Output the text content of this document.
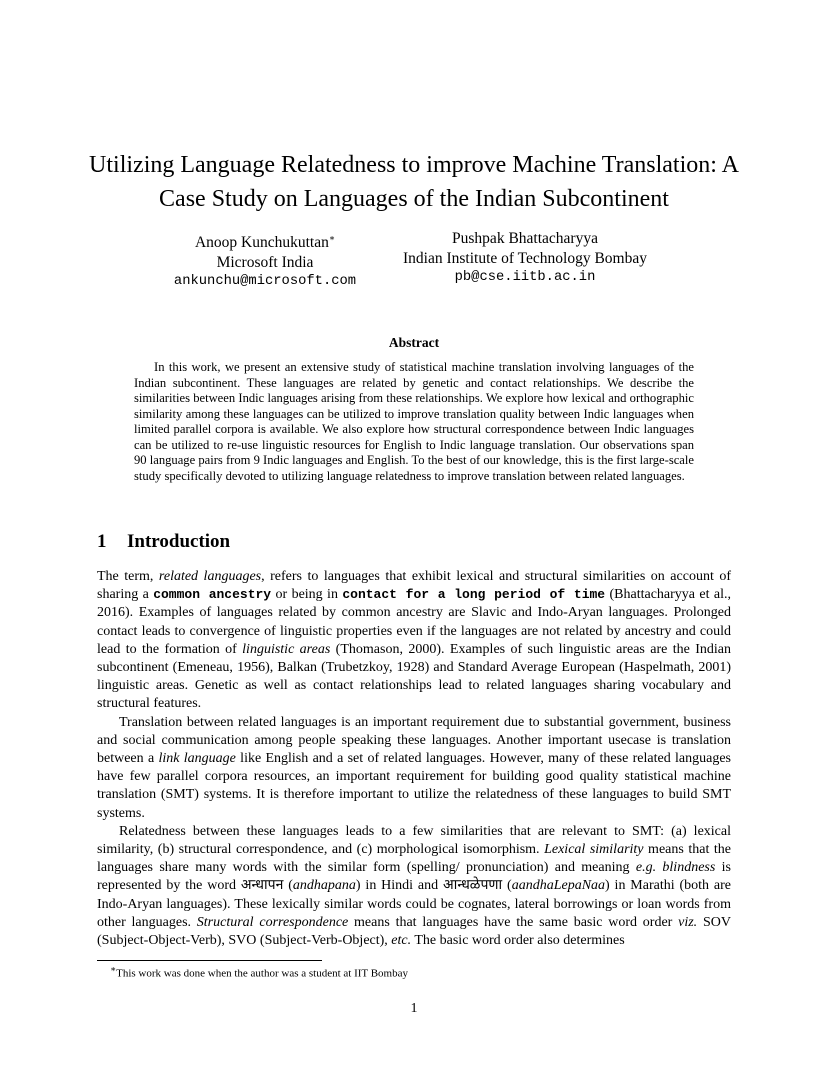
Utilizing Language Relatedness to improve Machine Translation: A
Case Study on Languages of the Indian Subcontinent
Anoop Kunchukuttan∗
Microsoft India
ankunchu@microsoft.com
Pushpak Bhattacharyya
Indian Institute of Technology Bombay
pb@cse.iitb.ac.in
Abstract
In this work, we present an extensive study of statistical machine translation involving languages of the Indian subcontinent. These languages are related by genetic and contact relationships. We describe the similarities between Indic languages arising from these relationships. We explore how lexical and orthographic similarity among these languages can be utilized to improve translation quality between Indic languages when limited parallel corpora is available. We also explore how structural correspondence between Indic languages can be utilized to re-use linguistic resources for English to Indic language translation. Our observations span 90 language pairs from 9 Indic languages and English. To the best of our knowledge, this is the first large-scale study specifically devoted to utilizing language relatedness to improve translation between related languages.
1 Introduction

The term, related languages, refers to languages that exhibit lexical and structural similarities on account of sharing a common ancestry or being in contact for a long period of time (Bhattacharyya et al., 2016). Examples of languages related by common ancestry are Slavic and Indo-Aryan languages. Prolonged contact leads to convergence of linguistic properties even if the languages are not related by ancestry and could lead to the formation of linguistic areas (Thomason, 2000). Examples of such linguistic areas are the Indian subcontinent (Emeneau, 1956), Balkan (Trubetzkoy, 1928) and Standard Average European (Haspelmath, 2001) linguistic areas. Genetic as well as contact relationships lead to related languages sharing vocabulary and structural features.

Translation between related languages is an important requirement due to substantial government, business and social communication among people speaking these languages. Another important usecase is translation between a link language like English and a set of related languages. However, many of these related languages have few parallel corpora resources, an important requirement for building good quality statistical machine translation (SMT) systems. It is therefore important to utilize the relatedness of these languages to build SMT systems.

Relatedness between these languages leads to a few similarities that are relevant to SMT: (a) lexical similarity, (b) structural correspondence, and (c) morphological isomorphism. Lexical similarity means that the languages share many words with the similar form (spelling/ pronunciation) and meaning e.g. blindness is represented by the word अन्धापन (andhapana) in Hindi and आन्धळेपणा (aandhaLepaNaa) in Marathi (both are Indo-Aryan languages). These lexically similar words could be cognates, lateral borrowings or loan words from other languages. Structural correspondence means that languages have the same basic word order viz. SOV (Subject-Object-Verb), SVO (Subject-Verb-Object), etc. The basic word order also determines

∗This work was done when the author was a student at IIT Bombay
1
